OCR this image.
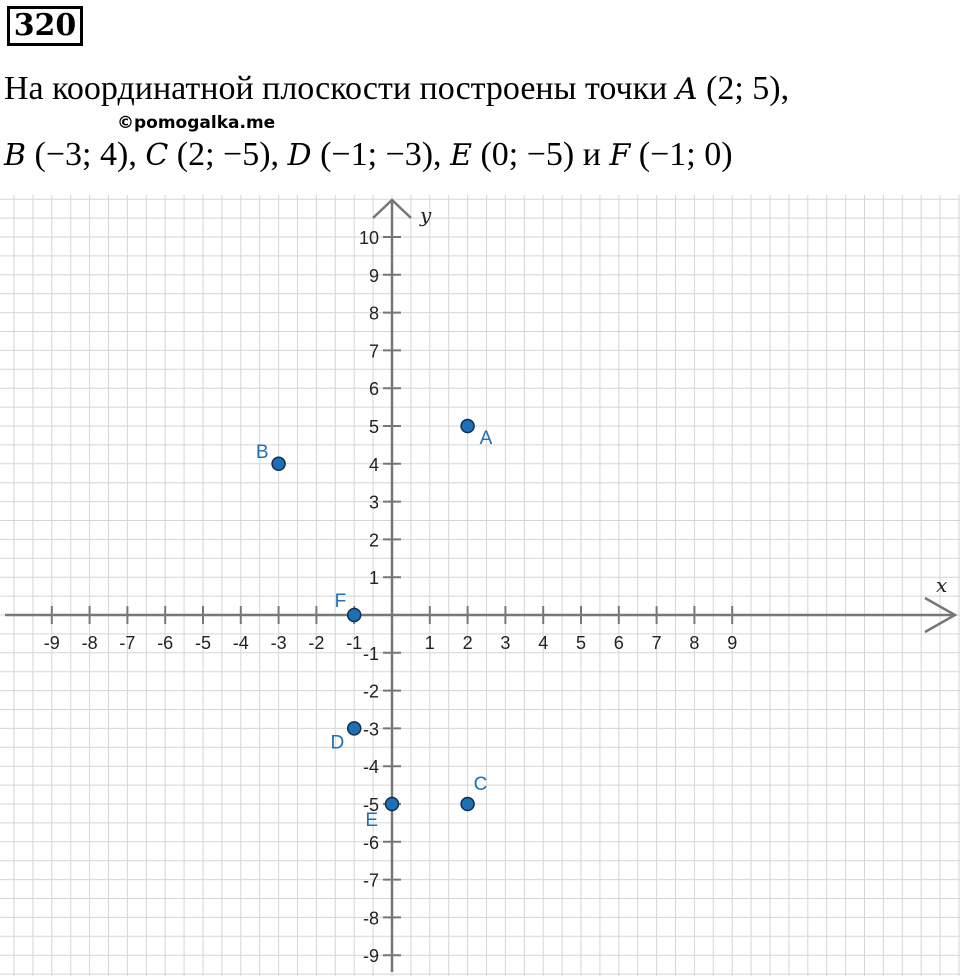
320
На координатной плоскости построены точки A (2; 5),
©pomogalka.me
B (−3; 4), C (2; −5), D (−1; −3), E (0; −5) и F (−1; 0)
x
y
-9 -8 -7 -6 -5 -4 -3 -2 -1	1 2 3 4 5 6 7 8 9
10
9
8
7
6
5
4
3
2
1
-1
-2
-3
-4
-5
-6
-7
-8
-9
A
B
C
D
E
F
